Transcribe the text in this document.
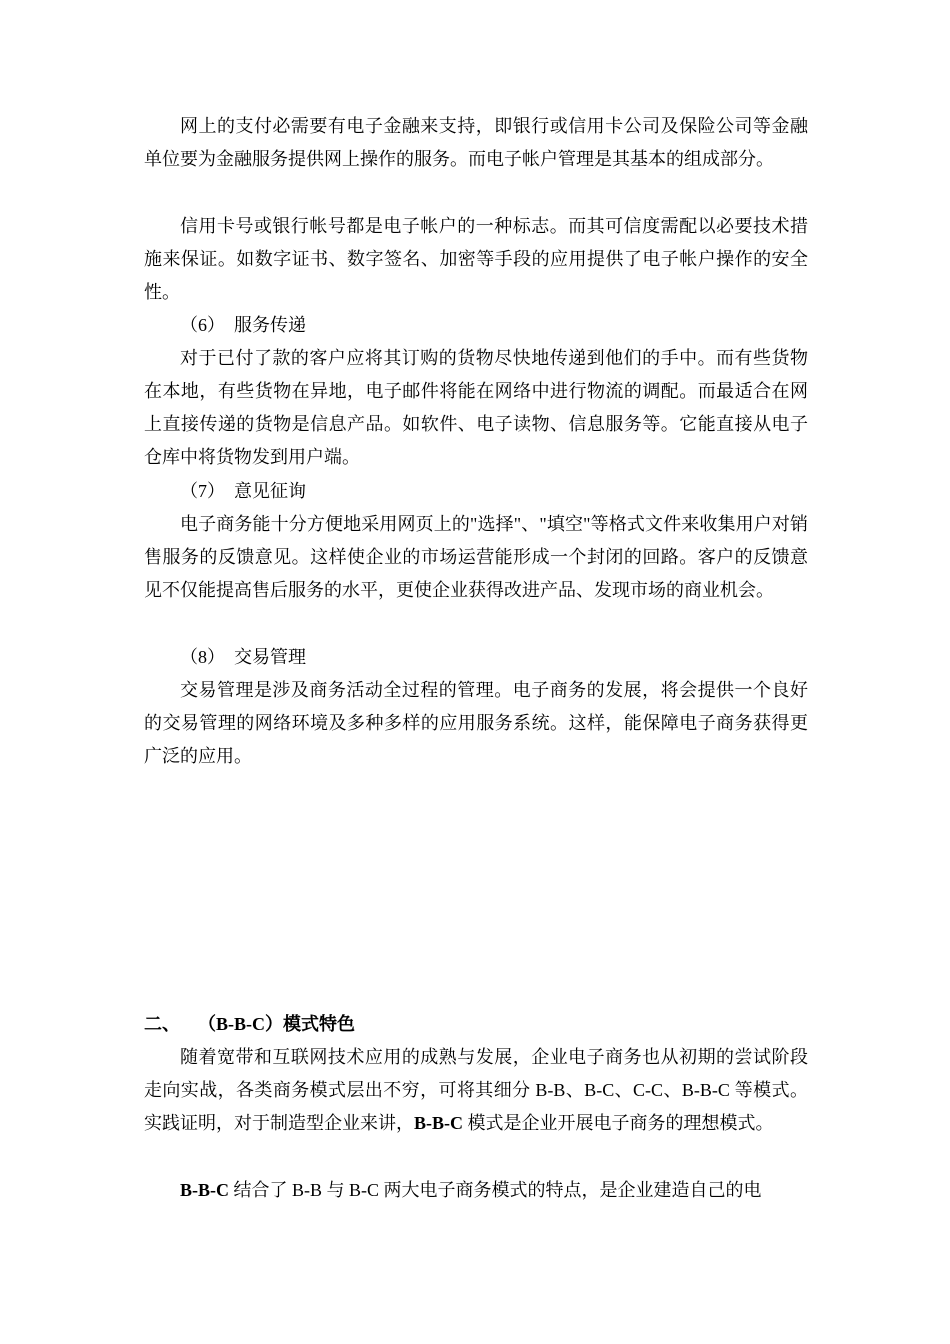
网上的支付必需要有电子金融来支持，即银行或信用卡公司及保险公司等金融单位要为金融服务提供网上操作的服务。而电子帐户管理是其基本的组成部分。

信用卡号或银行帐号都是电子帐户的一种标志。而其可信度需配以必要技术措施来保证。如数字证书、数字签名、加密等手段的应用提供了电子帐户操作的安全性。

（6）  服务传递

对于已付了款的客户应将其订购的货物尽快地传递到他们的手中。而有些货物在本地，有些货物在异地，电子邮件将能在网络中进行物流的调配。而最适合在网上直接传递的货物是信息产品。如软件、电子读物、信息服务等。它能直接从电子仓库中将货物发到用户端。

（7）  意见征询

电子商务能十分方便地采用网页上的"选择"、"填空"等格式文件来收集用户对销售服务的反馈意见。这样使企业的市场运营能形成一个封闭的回路。客户的反馈意见不仅能提高售后服务的水平，更使企业获得改进产品、发现市场的商业机会。

（8）  交易管理

交易管理是涉及商务活动全过程的管理。电子商务的发展，将会提供一个良好的交易管理的网络环境及多种多样的应用服务系统。这样，能保障电子商务获得更广泛的应用。

二、    （B-B-C）模式特色

随着宽带和互联网技术应用的成熟与发展，企业电子商务也从初期的尝试阶段走向实战，各类商务模式层出不穷，可将其细分 B-B、B-C、C-C、B-B-C 等模式。实践证明，对于制造型企业来讲，B-B-C 模式是企业开展电子商务的理想模式。

B-B-C 结合了 B-B 与 B-C 两大电子商务模式的特点，是企业建造自己的电
